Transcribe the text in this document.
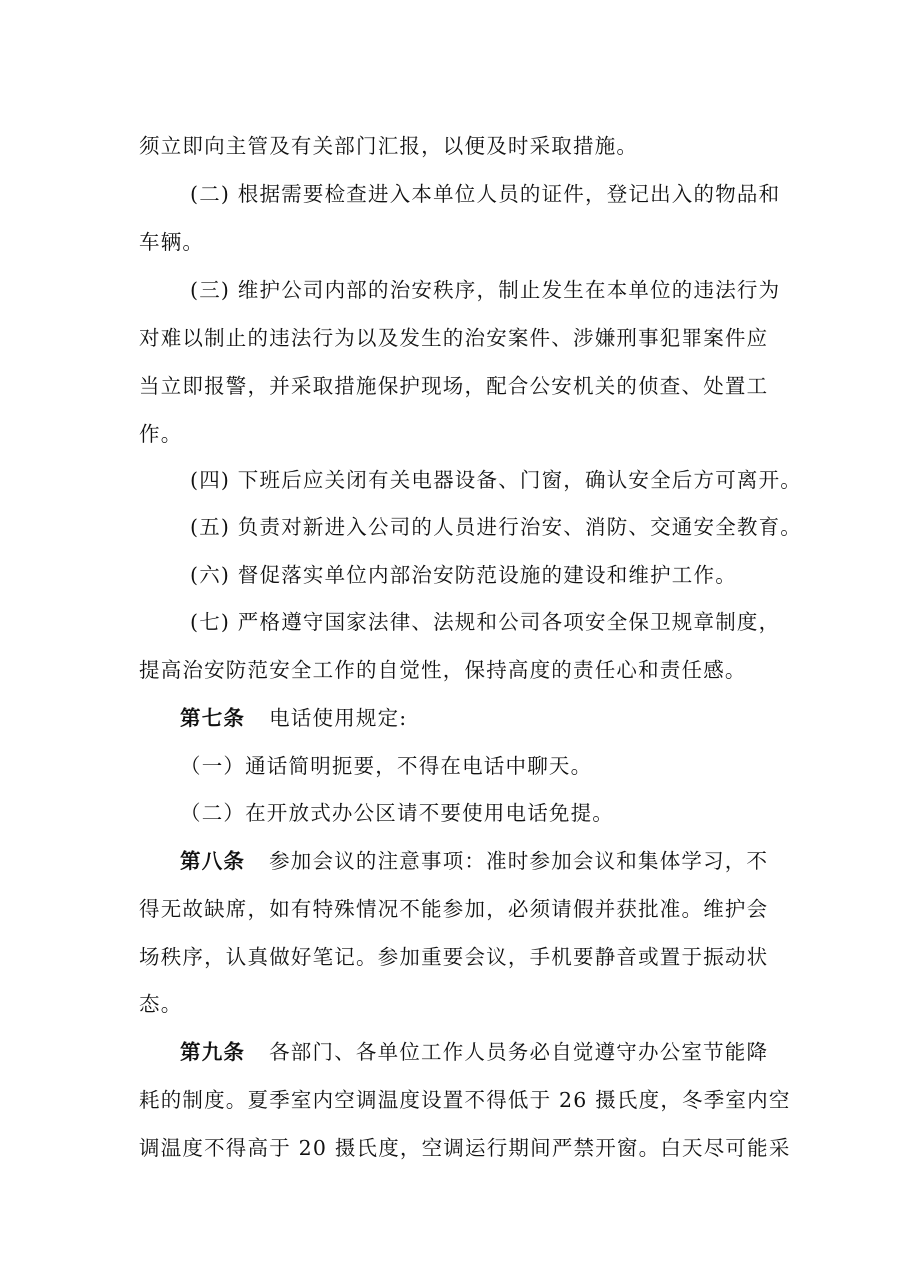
须立即向主管及有关部门汇报，以便及时采取措施。
(二) 根据需要检查进入本单位人员的证件，登记出入的物品和
车辆。
(三) 维护公司内部的治安秩序，制止发生在本单位的违法行为
对难以制止的违法行为以及发生的治安案件、涉嫌刑事犯罪案件应
当立即报警，并采取措施保护现场，配合公安机关的侦查、处置工
作。
(四) 下班后应关闭有关电器设备、门窗，确认安全后方可离开。
(五) 负责对新进入公司的人员进行治安、消防、交通安全教育。
(六) 督促落实单位内部治安防范设施的建设和维护工作。
(七) 严格遵守国家法律、法规和公司各项安全保卫规章制度，
提高治安防范安全工作的自觉性，保持高度的责任心和责任感。
第七条 电话使用规定:
（一）通话简明扼要，不得在电话中聊天。
（二）在开放式办公区请不要使用电话免提。
第八条 参加会议的注意事项：准时参加会议和集体学习，不
得无故缺席，如有特殊情况不能参加，必须请假并获批准。维护会
场秩序，认真做好笔记。参加重要会议，手机要静音或置于振动状
态。
第九条 各部门、各单位工作人员务必自觉遵守办公室节能降
耗的制度。夏季室内空调温度设置不得低于 26 摄氏度，冬季室内空
调温度不得高于 20 摄氏度，空调运行期间严禁开窗。白天尽可能采
